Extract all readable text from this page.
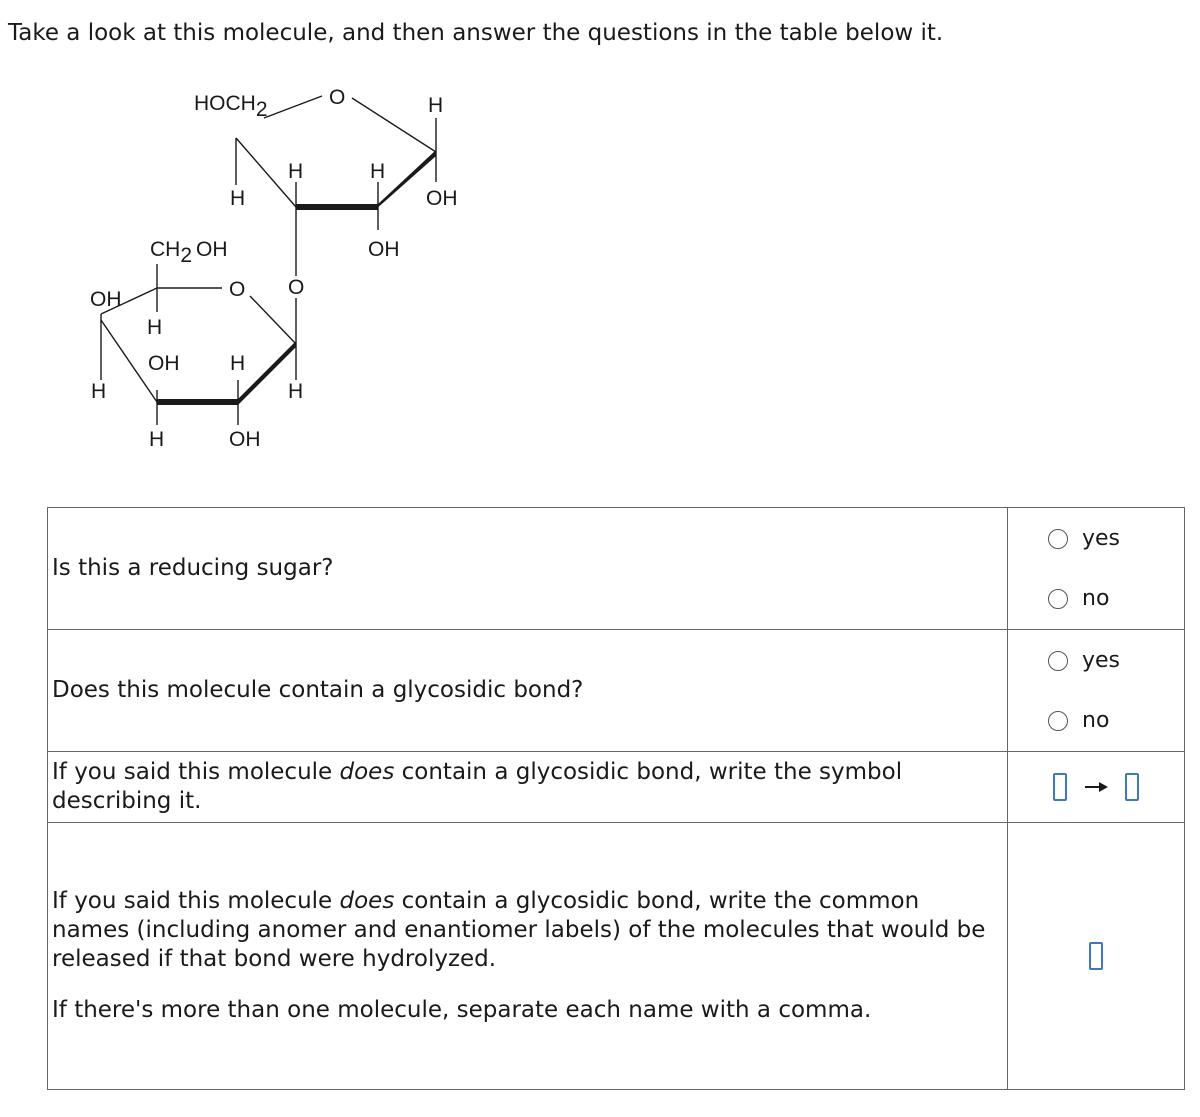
Take a look at this molecule, and then answer the questions in the table below it.
HOCH2
O	H
OH
H
H	H
OH
CH2 OH
O O
OH
H
OH H
H
H	OH
H
Is this a reducing sugar?	yes
no

Does this molecule contain a glycosidic bond?	yes
no

If you said this molecule does contain a glycosidic bond, write the symbol describing it.	

If you said this molecule does contain a glycosidic bond, write the common names (including anomer and enantiomer labels) of the molecules that would be released if that bond were hydrolyzed.
If there's more than one molecule, separate each name with a comma.	
